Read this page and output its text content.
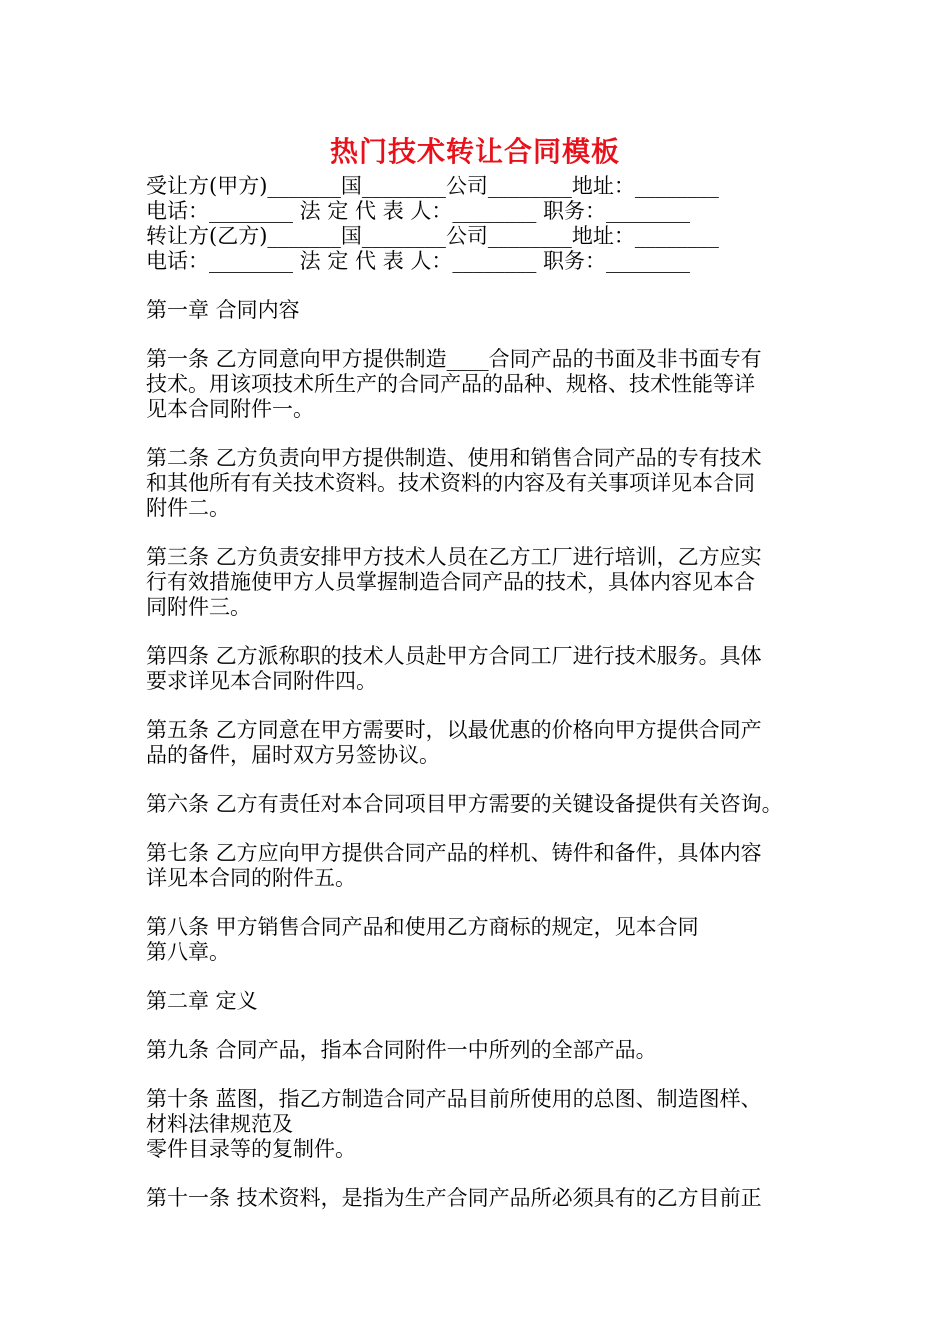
热门技术转让合同模板
受让方(甲方)_______国________公司________地址：________
电话：________ 法 定 代 表 人：________ 职务：________
转让方(乙方)_______国________公司________地址：________
电话：________ 法 定 代 表 人：________ 职务：________

第一章 合同内容

第一条 乙方同意向甲方提供制造____合同产品的书面及非书面专有
技术。用该项技术所生产的合同产品的品种、规格、技术性能等详
见本合同附件一。

第二条 乙方负责向甲方提供制造、使用和销售合同产品的专有技术
和其他所有有关技术资料。技术资料的内容及有关事项详见本合同
附件二。

第三条 乙方负责安排甲方技术人员在乙方工厂进行培训，乙方应实
行有效措施使甲方人员掌握制造合同产品的技术，具体内容见本合
同附件三。

第四条 乙方派称职的技术人员赴甲方合同工厂进行技术服务。具体
要求详见本合同附件四。

第五条 乙方同意在甲方需要时，以最优惠的价格向甲方提供合同产
品的备件，届时双方另签协议。

第六条 乙方有责任对本合同项目甲方需要的关键设备提供有关咨询。

第七条 乙方应向甲方提供合同产品的样机、铸件和备件，具体内容
详见本合同的附件五。

第八条 甲方销售合同产品和使用乙方商标的规定，见本合同
第八章。

第二章 定义

第九条 合同产品，指本合同附件一中所列的全部产品。

第十条 蓝图，指乙方制造合同产品目前所使用的总图、制造图样、
材料法律规范及
零件目录等的复制件。

第十一条 技术资料，是指为生产合同产品所必须具有的乙方目前正
